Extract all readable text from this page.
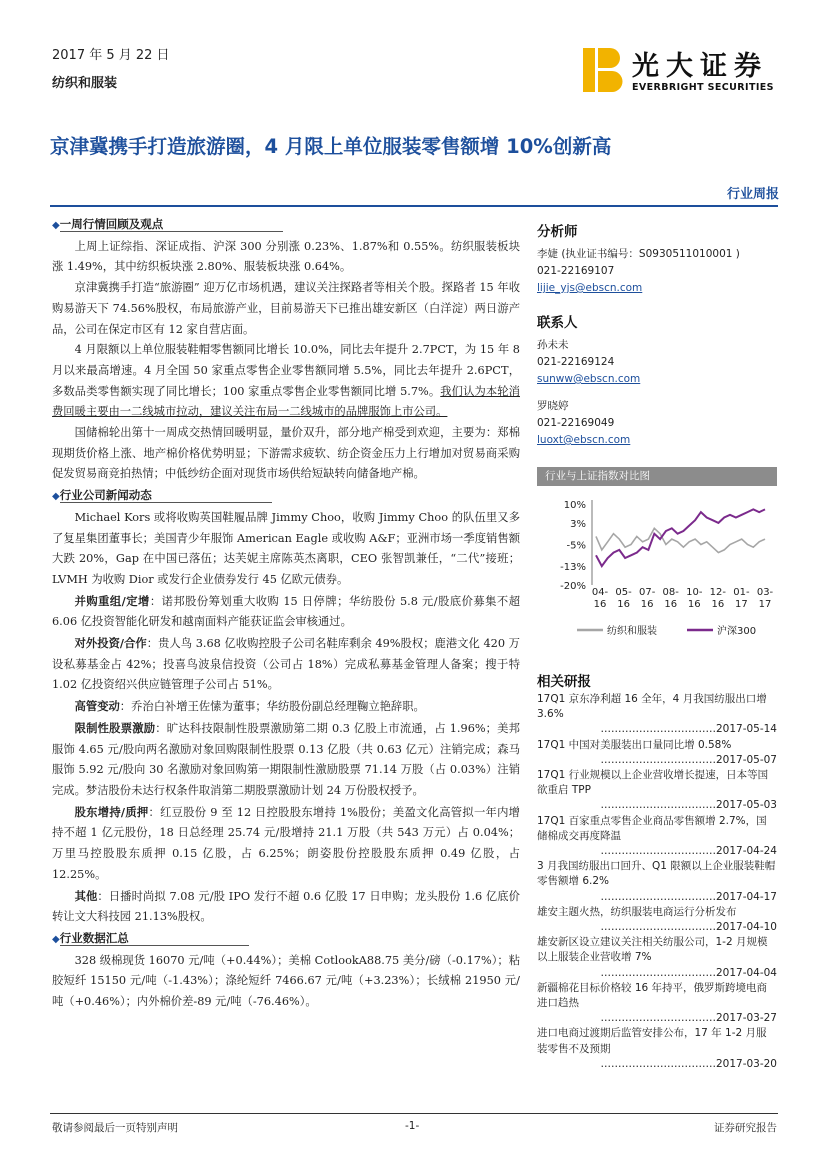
2017 年 5 月 22 日
纺织和服装
光大证券
EVERBRIGHT SECURITIES
京津冀携手打造旅游圈，4 月限上单位服装零售额增 10%创新高
行业周报
◆一周行情回顾及观点

上周上证综指、深证成指、沪深 300 分别涨 0.23%、1.87%和 0.55%。纺织服装板块涨 1.49%，其中纺织板块涨 2.80%、服装板块涨 0.64%。

京津冀携手打造“旅游圈” 迎万亿市场机遇，建议关注探路者等相关个股。探路者 15 年收购易游天下 74.56%股权，布局旅游产业，目前易游天下已推出雄安新区（白洋淀）两日游产品，公司在保定市区有 12 家自营店面。

4 月限额以上单位服装鞋帽零售额同比增长 10.0%，同比去年提升 2.7PCT，为 15 年 8 月以来最高增速。4 月全国 50 家重点零售企业零售额同增 5.5%，同比去年提升 2.6PCT，多数品类零售额实现了同比增长；100 家重点零售企业零售额同比增 5.7%。我们认为本轮消费回暖主要由一二线城市拉动，建议关注布局一二线城市的品牌服饰上市公司。

国储棉轮出第十一周成交热情回暖明显，量价双升，部分地产棉受到欢迎，主要为：郑棉现期货价格上涨、地产棉价格优势明显；下游需求疲软、纺企资金压力上行增加对贸易商采购促发贸易商竞拍热情；中低纱纺企面对现货市场供给短缺转向储备地产棉。

◆行业公司新闻动态

Michael Kors 或将收购英国鞋履品牌 Jimmy Choo，收购 Jimmy Choo 的队伍里又多了复星集团董事长；美国青少年服饰 American Eagle 或收购 A&F；亚洲市场一季度销售额大跌 20%，Gap 在中国已落伍；达芙妮主席陈英杰离职，CEO 张智凯兼任，“二代”接班；LVMH 为收购 Dior 或发行企业债券发行 45 亿欧元债券。

并购重组/定增：诺邦股份筹划重大收购 15 日停牌；华纺股份 5.8 元/股底价募集不超 6.06 亿投资智能化研发和越南面料产能获证监会审核通过。

对外投资/合作：贵人鸟 3.68 亿收购控股子公司名鞋库剩余 49%股权；鹿港文化 420 万设私募基金占 42%；投喜鸟波泉信投资（公司占 18%）完成私募基金管理人备案；搜于特 1.02 亿投资绍兴供应链管理子公司占 51%。

高管变动：乔治白补增王佐愫为董事；华纺股份副总经理鞠立艳辞职。

限制性股票激励：旷达科技限制性股票激励第二期 0.3 亿股上市流通，占 1.96%；美邦服饰 4.65 元/股向两名激励对象回购限制性股票 0.13 亿股（共 0.63 亿元）注销完成；森马服饰 5.92 元/股向 30 名激励对象回购第一期限制性激励股票 71.14 万股（占 0.03%）注销完成。梦洁股份未达行权条件取消第二期股票激励计划 24 万份股权授予。

股东增持/质押：红豆股份 9 至 12 日控股股东增持 1%股份；美盈文化高管拟一年内增持不超 1 亿元股份，18 日总经理 25.74 元/股增持 21.1 万股（共 543 万元）占 0.04%；万里马控股股东质押 0.15 亿股，占 6.25%；朗姿股份控股股东质押 0.49 亿股，占 12.25%。

其他：日播时尚拟 7.08 元/股 IPO 发行不超 0.6 亿股 17 日申购；龙头股份 1.6 亿底价转让文大科技园 21.13%股权。

◆行业数据汇总

328 级棉现货 16070 元/吨（+0.44%）；美棉 CotlookA88.75 美分/磅（-0.17%）；粘胶短纤 15150 元/吨（-1.43%）；涤纶短纤 7466.67 元/吨（+3.23%）；长绒棉 21950 元/吨（+0.46%）；内外棉价差-89 元/吨（-76.46%）。

分析师
李婕 (执业证书编号：S0930511010001 )
021-22169107
lijie_yjs@ebscn.com
联系人
孙未未
021-22169124
sunww@ebscn.com
罗晓婷
021-22169049
luoxt@ebscn.com
行业与上证指数对比图
10%
3%
-5%
-13%
-20%
04-16
05-16
07-16
08-16
10-16
12-16
01-17
03-17
纺织和服装	沪深300
相关研报
17Q1 京东净利超 16 全年，4 月我国纺服出口增 3.6%
……………………………2017-05-14
17Q1 中国对美服装出口量同比增 0.58%
……………………………2017-05-07
17Q1 行业规模以上企业营收增长提速，日本等国欲重启 TPP
……………………………2017-05-03
17Q1 百家重点零售企业商品零售额增 2.7%，国储棉成交再度降温
……………………………2017-04-24
3 月我国纺服出口回升、Q1 限额以上企业服装鞋帽零售额增 6.2%
……………………………2017-04-17
雄安主题火热，纺织服装电商运行分析发布
……………………………2017-04-10
雄安新区设立建议关注相关纺服公司，1-2 月规模以上服装企业营收增 7%
……………………………2017-04-04
新疆棉花目标价格较 16 年持平，俄罗斯跨境电商进口趋热
……………………………2017-03-27
进口电商过渡期后监管安排公布，17 年 1-2 月服装零售不及预期
……………………………2017-03-20
敬请参阅最后一页特别声明	-1-	证券研究报告
